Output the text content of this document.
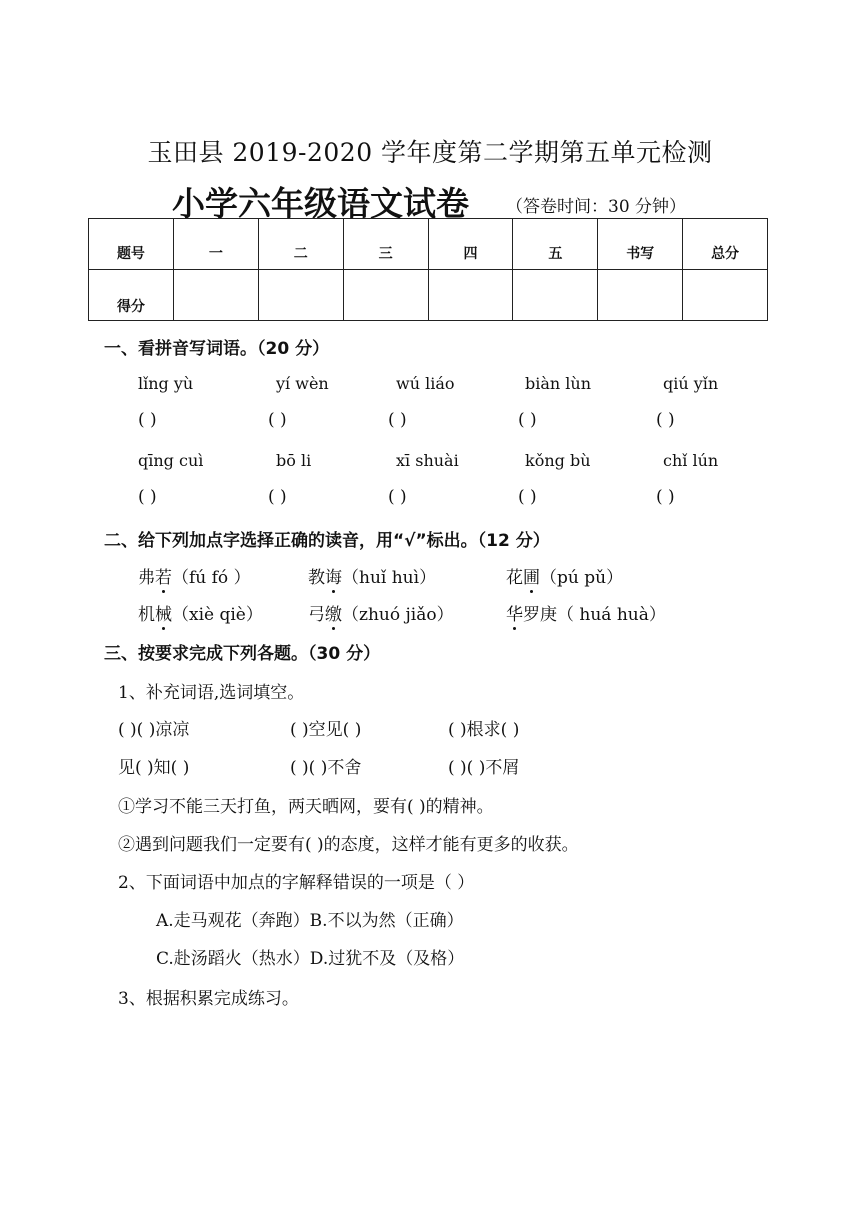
玉田县 2019-2020 学年度第二学期第五单元检测
小学六年级语文试卷 （答卷时间：30 分钟）
题号	一	二	三	四	五	书写	总分
得分							
一、看拼音写词语。（20 分）
lǐng yù	yí wèn	wú liáo	biàn lùn	qiú yǐn
( )	( )	( )	( )	( )
qīng cuì	bō li	xī shuài	kǒng bù	chǐ lún
( )	( )	( )	( )	( )
二、给下列加点字选择正确的读音，用“√”标出。（12 分）
弗若（fú fó ）	教诲（huǐ huì）	花圃（pú pǔ）
机械（xiè qiè）	弓缴（zhuó jiǎo）	华罗庚（ huá huà）
三、按要求完成下列各题。（30 分）
1、补充词语,选词填空。
( )( )凉凉	( )空见( )	( )根求( )
见( )知( )	( )( )不舍	( )( )不屑
①学习不能三天打鱼，两天晒网，要有( )的精神。
②遇到问题我们一定要有( )的态度，这样才能有更多的收获。
2、下面词语中加点的字解释错误的一项是（ ）
A.走马观花（奔跑）B.不以为然（正确）
C.赴汤蹈火（热水）D.过犹不及（及格）
3、根据积累完成练习。
